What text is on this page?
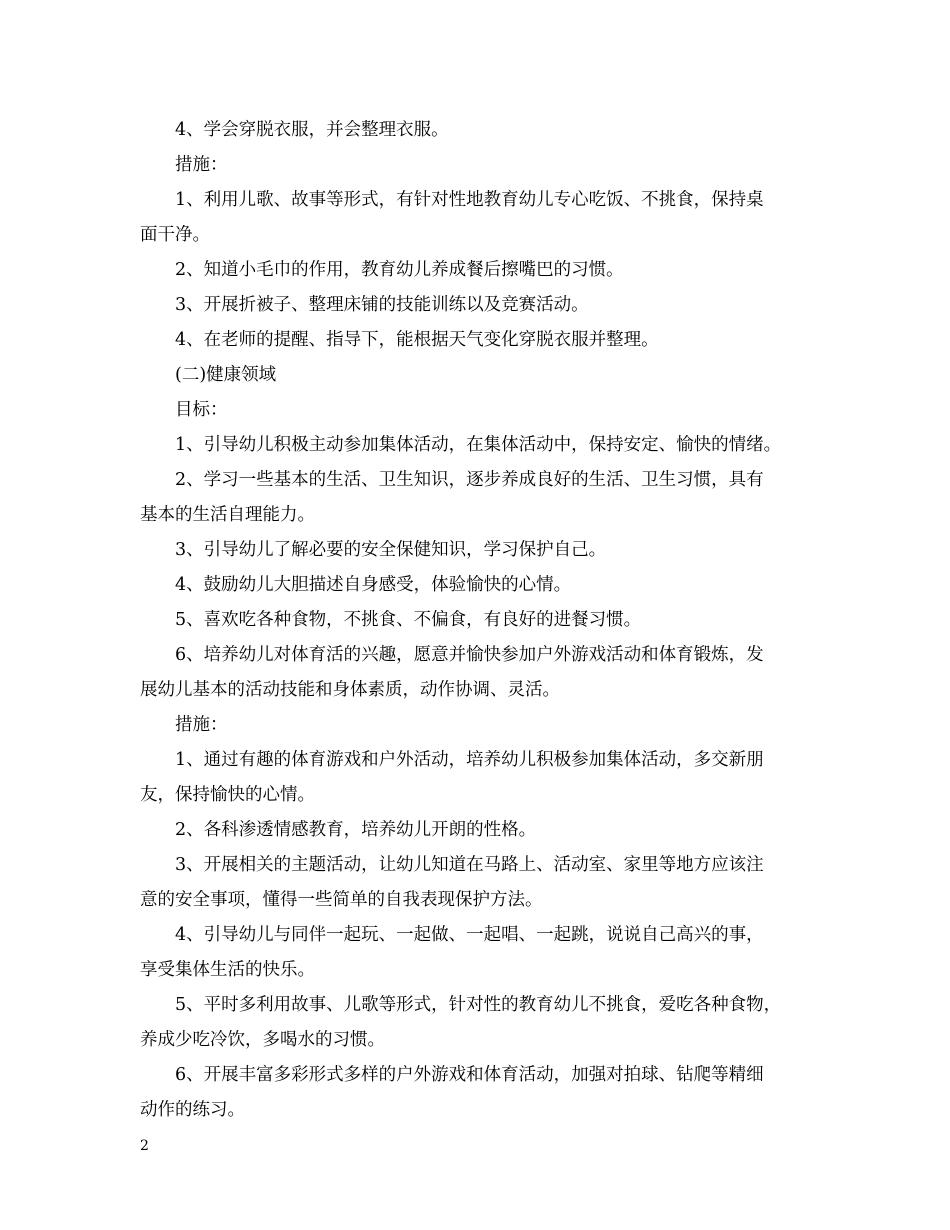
4、学会穿脱衣服，并会整理衣服。

措施：

1、利用儿歌、故事等形式，有针对性地教育幼儿专心吃饭、不挑食，保持桌

面干净。

2、知道小毛巾的作用，教育幼儿养成餐后擦嘴巴的习惯。

3、开展折被子、整理床铺的技能训练以及竞赛活动。

4、在老师的提醒、指导下，能根据天气变化穿脱衣服并整理。

(二)健康领域

目标：

1、引导幼儿积极主动参加集体活动，在集体活动中，保持安定、愉快的情绪。

2、学习一些基本的生活、卫生知识，逐步养成良好的生活、卫生习惯，具有

基本的生活自理能力。

3、引导幼儿了解必要的安全保健知识，学习保护自己。

4、鼓励幼儿大胆描述自身感受，体验愉快的心情。

5、喜欢吃各种食物，不挑食、不偏食，有良好的进餐习惯。

6、培养幼儿对体育活的兴趣，愿意并愉快参加户外游戏活动和体育锻炼，发

展幼儿基本的活动技能和身体素质，动作协调、灵活。

措施：

1、通过有趣的体育游戏和户外活动，培养幼儿积极参加集体活动，多交新朋

友，保持愉快的心情。

2、各科渗透情感教育，培养幼儿开朗的性格。

3、开展相关的主题活动，让幼儿知道在马路上、活动室、家里等地方应该注

意的安全事项，懂得一些简单的自我表现保护方法。

4、引导幼儿与同伴一起玩、一起做、一起唱、一起跳，说说自己高兴的事，

享受集体生活的快乐。

5、平时多利用故事、儿歌等形式，针对性的教育幼儿不挑食，爱吃各种食物，

养成少吃冷饮，多喝水的习惯。

6、开展丰富多彩形式多样的户外游戏和体育活动，加强对拍球、钻爬等精细

动作的练习。

2
